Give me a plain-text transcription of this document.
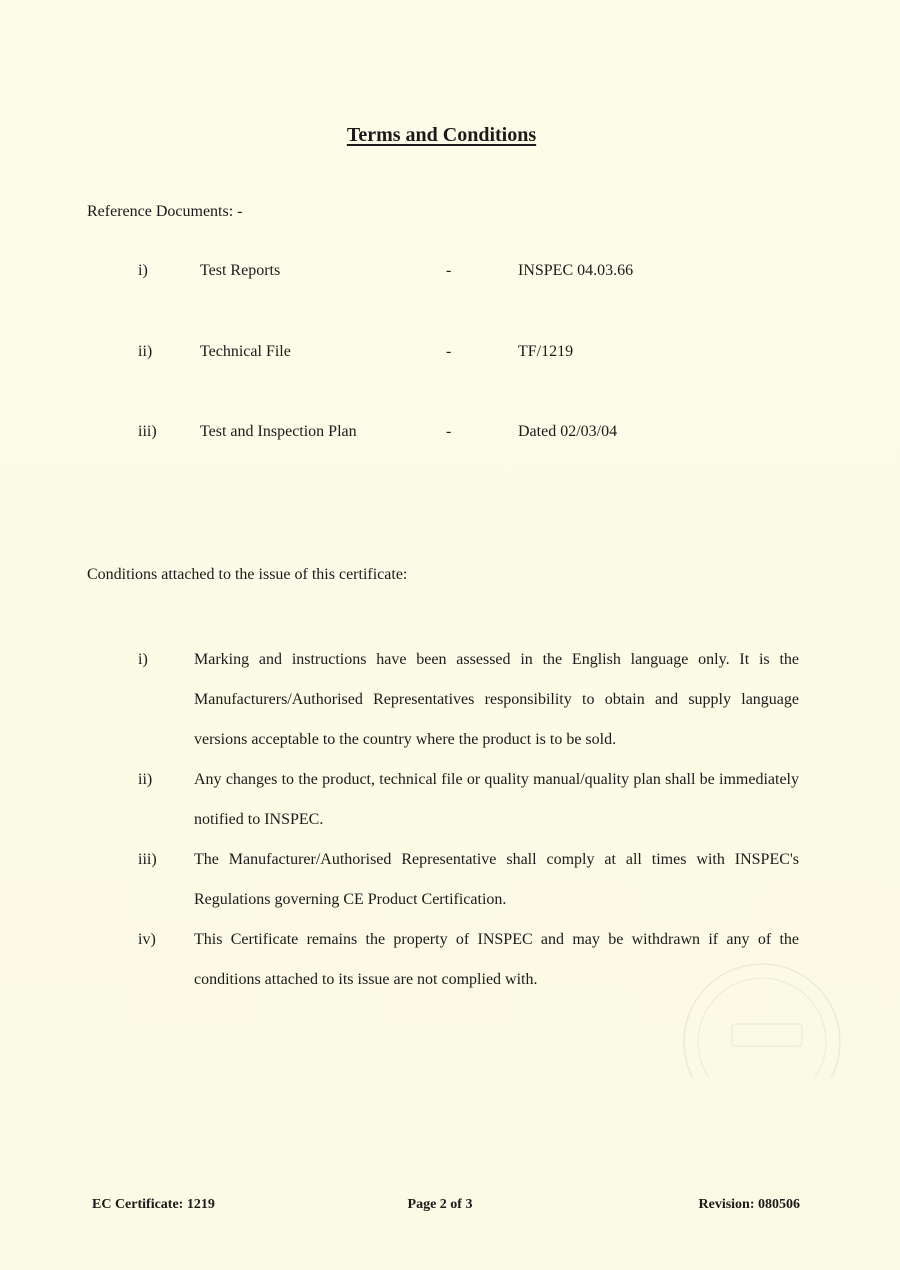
Terms and Conditions
Reference Documents: -
i)	Test Reports	-	INSPEC 04.03.66
ii)	Technical File	-	TF/1219
iii)	Test and Inspection Plan	-	Dated 02/03/04
Conditions attached to the issue of this certificate:
i)	Marking and instructions have been assessed in the English language only. It is the Manufacturers/Authorised Representatives responsibility to obtain and supply language versions acceptable to the country where the product is to be sold.
ii)	Any changes to the product, technical file or quality manual/quality plan shall be immediately notified to INSPEC.
iii) The Manufacturer/Authorised Representative shall comply at all times with INSPEC's Regulations governing CE Product Certification.
iv) This Certificate remains the property of INSPEC and may be withdrawn if any of the conditions attached to its issue are not complied with.
EC Certificate: 1219	Page 2 of 3	Revision: 080506
